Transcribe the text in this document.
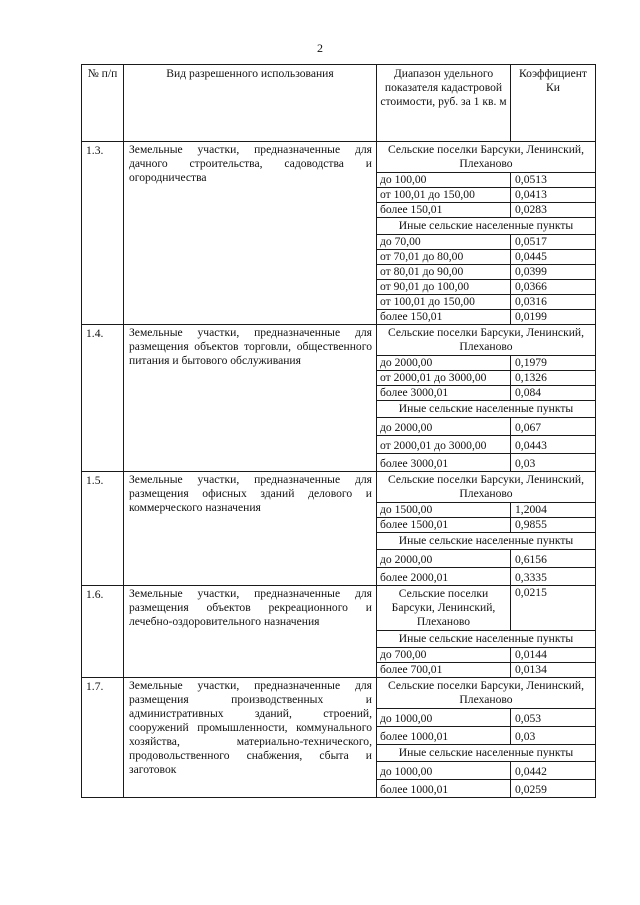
2
№ п/п	Вид разрешенного использования	Диапазон удельного показателя кадастровой стоимости, руб. за 1 кв. м	Коэффициент Ки
1.3.	Земельные участки, предназначенные для дачного строительства, садоводства и огородничества	Сельские поселки Барсуки, Ленинский, Плеханово	
		до 100,00	0,0513
		от 100,01 до 150,00	0,0413
		более 150,01	0,0283
		Иные сельские населенные пункты	
		до 70,00	0,0517
		от 70,01 до 80,00	0,0445
		от 80,01 до 90,00	0,0399
		от 90,01 до 100,00	0,0366
		от 100,01 до 150,00	0,0316
		более 150,01	0,0199
1.4.	Земельные участки, предназначенные для размещения объектов торговли, общественного питания и бытового обслуживания	Сельские поселки Барсуки, Ленинский, Плеханово	
		до 2000,00	0,1979
		от 2000,01 до 3000,00	0,1326
		более 3000,01	0,084
		Иные сельские населенные пункты	
		до 2000,00	0,067
		от 2000,01 до 3000,00	0,0443
		более 3000,01	0,03
1.5.	Земельные участки, предназначенные для размещения офисных зданий делового и коммерческого назначения	Сельские поселки Барсуки, Ленинский, Плеханово	
		до 1500,00	1,2004
		более 1500,01	0,9855
		Иные сельские населенные пункты	
		до 2000,00	0,6156
		более 2000,01	0,3335
1.6.	Земельные участки, предназначенные для размещения объектов рекреационного и лечебно-оздоровительного назначения	Сельские поселки Барсуки, Ленинский, Плеханово	0,0215
		Иные сельские населенные пункты	
		до 700,00	0,0144
		более 700,01	0,0134
1.7.	Земельные участки, предназначенные для размещения производственных и административных зданий, строений, сооружений промышленности, коммунального хозяйства, материально-технического, продовольственного снабжения, сбыта и заготовок	Сельские поселки Барсуки, Ленинский, Плеханово	
		до 1000,00	0,053
		более 1000,01	0,03
		Иные сельские населенные пункты	
		до 1000,00	0,0442
		более 1000,01	0,0259
